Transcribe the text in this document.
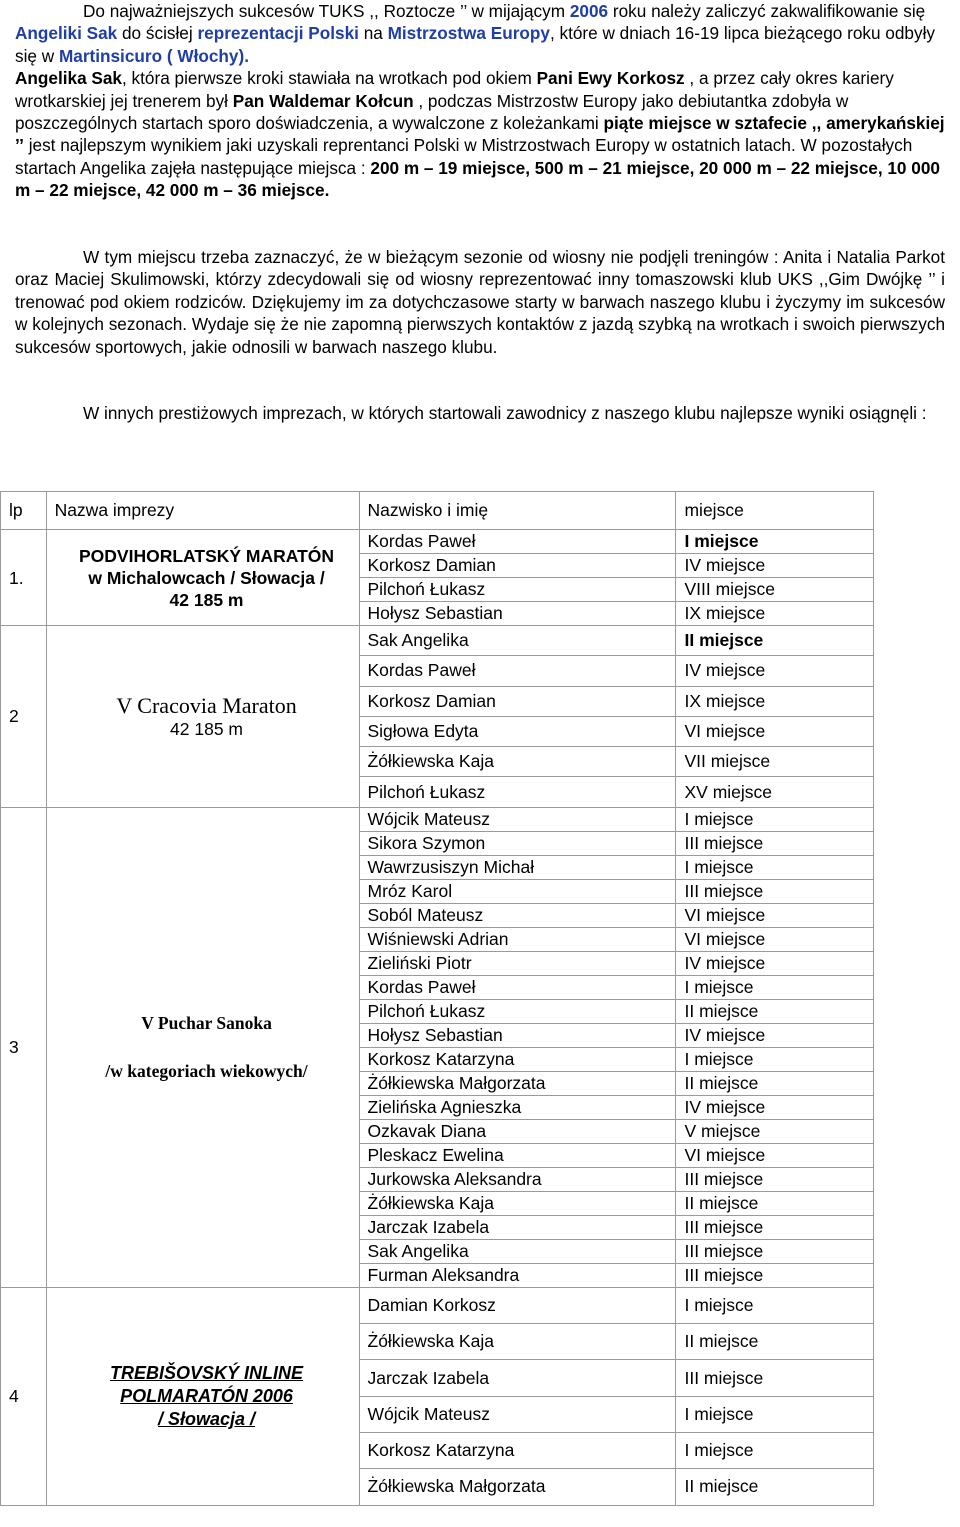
Do najważniejszych sukcesów TUKS ,, Roztocze ’’ w mijającym 2006 roku należy zaliczyć zakwalifikowanie się Angeliki Sak do ścisłej reprezentacji Polski na Mistrzostwa Europy, które w dniach 16-19 lipca bieżącego roku odbyły się w Martinsicuro ( Włochy).
Angelika Sak, która pierwsze kroki stawiała na wrotkach pod okiem Pani Ewy Korkosz , a przez cały okres kariery wrotkarskiej jej trenerem był Pan Waldemar Kołcun , podczas Mistrzostw Europy jako debiutantka zdobyła w poszczególnych startach sporo doświadczenia, a wywalczone z koleżankami piąte miejsce w sztafecie ,, amerykańskiej ’’ jest najlepszym wynikiem jaki uzyskali reprentanci Polski w Mistrzostwach Europy w ostatnich latach. W pozostałych startach Angelika zajęła następujące miejsca : 200 m – 19 miejsce, 500 m – 21 miejsce, 20 000 m – 22 miejsce, 10 000 m – 22 miejsce, 42 000 m – 36 miejsce.

W tym miejscu trzeba zaznaczyć, że w bieżącym sezonie od wiosny nie podjęli treningów : Anita i Natalia Parkot oraz Maciej Skulimowski, którzy zdecydowali się od wiosny reprezentować inny tomaszowski klub UKS ,,Gim Dwójkę ’’ i trenować pod okiem rodziców. Dziękujemy im za dotychczasowe starty w barwach naszego klubu i życzymy im sukcesów w kolejnych sezonach. Wydaje się że nie zapomną pierwszych kontaktów z jazdą szybką na wrotkach i swoich pierwszych sukcesów sportowych, jakie odnosili w barwach naszego klubu.

W innych prestiżowych imprezach, w których startowali zawodnicy z naszego klubu najlepsze wyniki osiągnęli :

lp	Nazwa imprezy	Nazwisko i imię	miejsce
1.	PODVIHORLATSKÝ MARATÓN
w Michalowcach / Słowacja /
42 185 m	Kordas Paweł	I miejsce
		Korkosz Damian	IV miejsce
		Pilchoń Łukasz	VIII miejsce
		Hołysz Sebastian	IX miejsce
2	V Cracovia Maraton
42 185 m	Sak Angelika	II miejsce
		Kordas Paweł	IV miejsce
		Korkosz Damian	IX miejsce
		Sigłowa Edyta	VI miejsce
		Żółkiewska Kaja	VII miejsce
		Pilchoń Łukasz	XV miejsce
3	V Puchar Sanoka
/w kategoriach wiekowych/	Wójcik Mateusz	I miejsce
		Sikora Szymon	III miejsce
		Wawrzusiszyn Michał	I miejsce
		Mróz Karol	III miejsce
		Soból Mateusz	VI miejsce
		Wiśniewski Adrian	VI miejsce
		Zieliński Piotr	IV miejsce
		Kordas Paweł	I miejsce
		Pilchoń Łukasz	II miejsce
		Hołysz Sebastian	IV miejsce
		Korkosz Katarzyna	I miejsce
		Żółkiewska Małgorzata	II miejsce
		Zielińska Agnieszka	IV miejsce
		Ozkavak Diana	V miejsce
		Pleskacz Ewelina	VI miejsce
		Jurkowska Aleksandra	III miejsce
		Żółkiewska Kaja	II miejsce
		Jarczak Izabela	III miejsce
		Sak Angelika	III miejsce
		Furman Aleksandra	III miejsce
4	TREBIŠOVSKÝ INLINE
POLMARATÓN 2006
/ Słowacja /	Damian Korkosz	I miejsce
		Żółkiewska Kaja	II miejsce
		Jarczak Izabela	III miejsce
		Wójcik Mateusz	I miejsce
		Korkosz Katarzyna	I miejsce
		Żółkiewska Małgorzata	II miejsce
